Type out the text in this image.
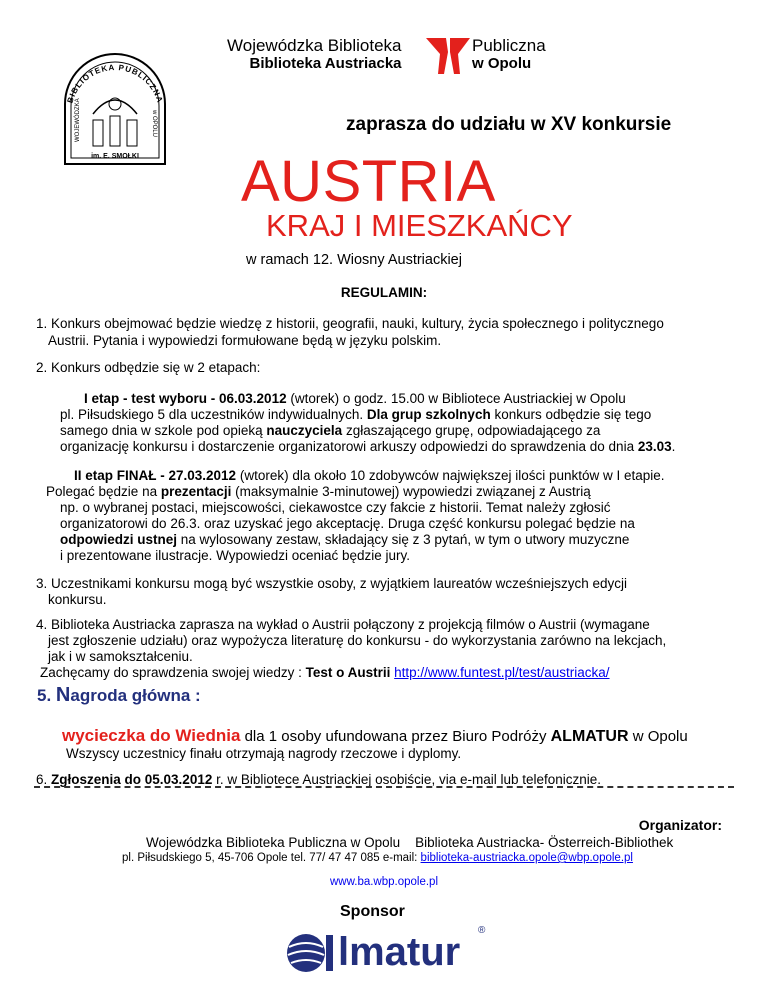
Wojewódzka Biblioteka
Biblioteka Austriacka
Publiczna
w Opolu
BIBLIOTEKA PUBLICZNA
WOJEWÓDZKA	w OPOLU
im. E. SMOŁKI
zaprasza do udziału w XV konkursie
AUSTRIA
KRAJ I MIESZKAŃCY
w ramach 12. Wiosny Austriackiej
REGULAMIN:

1. Konkurs obejmować będzie wiedzę z historii, geografii, nauki, kultury, życia społecznego i politycznego

Austrii. Pytania i wypowiedzi formułowane będą w języku polskim.

2. Konkurs odbędzie się w 2 etapach:

I etap - test wyboru - 06.03.2012 (wtorek) o godz. 15.00 w Bibliotece Austriackiej w Opolu

pl. Piłsudskiego 5 dla uczestników indywidualnych. Dla grup szkolnych konkurs odbędzie się tego

samego dnia w szkole pod opieką nauczyciela zgłaszającego grupę, odpowiadającego za

organizację konkursu i dostarczenie organizatorowi arkuszy odpowiedzi do sprawdzenia do dnia 23.03.

II etap FINAŁ - 27.03.2012 (wtorek) dla około 10 zdobywców największej ilości punktów w I etapie.

Polegać będzie na prezentacji (maksymalnie 3-minutowej) wypowiedzi związanej z Austrią

np. o wybranej postaci, miejscowości, ciekawostce czy fakcie z historii. Temat należy zgłosić

organizatorowi do 26.3. oraz uzyskać jego akceptację. Druga część konkursu polegać będzie na

odpowiedzi ustnej na wylosowany zestaw, składający się z 3 pytań, w tym o utwory muzyczne

i prezentowane ilustracje. Wypowiedzi oceniać będzie jury.

3. Uczestnikami konkursu mogą być wszystkie osoby, z wyjątkiem laureatów wcześniejszych edycji

konkursu.

4. Biblioteka Austriacka zaprasza na wykład o Austrii połączony z projekcją filmów o Austrii (wymagane

jest zgłoszenie udziału) oraz wypożycza literaturę do konkursu - do wykorzystania zarówno na lekcjach,

jak i w samokształceniu.

Zachęcamy do sprawdzenia swojej wiedzy : Test o Austrii http://www.funtest.pl/test/austriacka/

5. Nagroda główna :
wycieczka do Wiednia dla 1 osoby ufundowana przez Biuro Podróży ALMATUR w Opolu
Wszyscy uczestnicy finału otrzymają nagrody rzeczowe i dyplomy.

6. Zgłoszenia do 05.03.2012 r. w Bibliotece Austriackiej osobiście, via e-mail lub telefonicznie.

Organizator:
Wojewódzka Biblioteka Publiczna w Opolu    Biblioteka Austriacka- Österreich-Bibliothek
pl. Piłsudskiego 5, 45-706 Opole tel. 77/ 47 47 085 e-mail: biblioteka-austriacka.opole@wbp.opole.pl
www.ba.wbp.opole.pl
Sponsor
lmatur ®
